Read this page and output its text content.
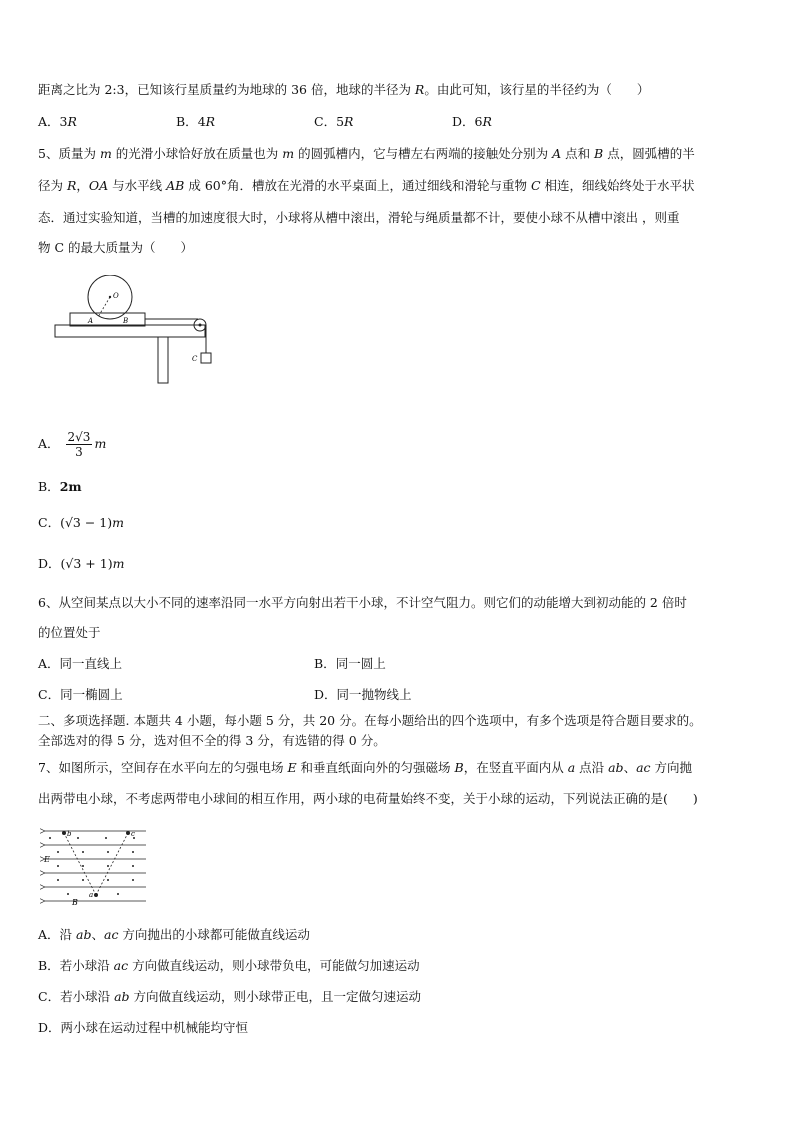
距离之比为 2:3，已知该行星质量约为地球的 36 倍，地球的半径为 R。由此可知，该行星的半径约为（　　）
A．3R	B．4R	C．5R	D．6R
5、质量为 m 的光滑小球恰好放在质量也为 m 的圆弧槽内，它与槽左右两端的接触处分别为 A 点和 B 点，圆弧槽的半
径为 R，OA 与水平线 AB 成 60°角．槽放在光滑的水平桌面上，通过细线和滑轮与重物 C 相连，细线始终处于水平状
态．通过实验知道，当槽的加速度很大时，小球将从槽中滚出，滑轮与绳质量都不计，要使小球不从槽中滚出 ，则重
物 C 的最大质量为（　　）
O
A	B
C
A． $\frac{2√3}{3}$ m
B．2m
C．(√3 − 1)m
D．(√3 + 1)m
6、从空间某点以大小不同的速率沿同一水平方向射出若干小球，不计空气阻力。则它们的动能增大到初动能的 2 倍时
的位置处于
A．同一直线上	B．同一圆上
C．同一椭圆上	D．同一抛物线上
二、多项选择题. 本题共 4 小题，每小题 5 分，共 20 分。在每小题给出的四个选项中，有多个选项是符合题目要求的。
全部选对的得 5 分，选对但不全的得 3 分，有选错的得 0 分。
7、如图所示，空间存在水平向左的匀强电场 E 和垂直纸面向外的匀强磁场 B，在竖直平面内从 a 点沿 ab、ac 方向抛
出两带电小球，不考虑两带电小球间的相互作用，两小球的电荷量始终不变，关于小球的运动，下列说法正确的是(　　)
b	c
E
B
a
A．沿 ab、ac 方向抛出的小球都可能做直线运动
B．若小球沿 ac 方向做直线运动，则小球带负电，可能做匀加速运动
C．若小球沿 ab 方向做直线运动，则小球带正电，且一定做匀速运动
D．两小球在运动过程中机械能均守恒
